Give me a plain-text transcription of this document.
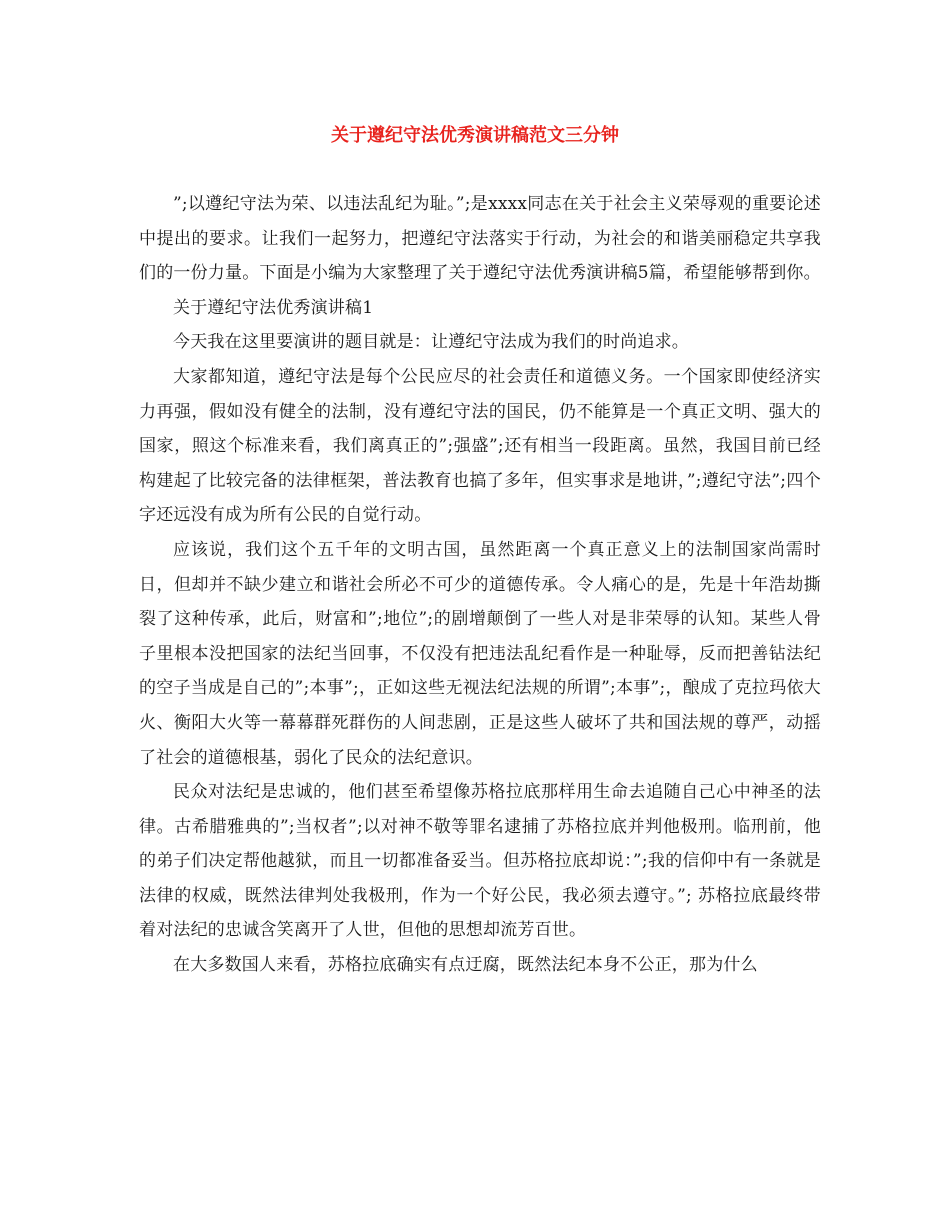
关于遵纪守法优秀演讲稿范文三分钟

”;以遵纪守法为荣、以违法乱纪为耻。”;是xxxx同志在关于社会主义荣辱观的重要论述中提出的要求。让我们一起努力，把遵纪守法落实于行动，为社会的和谐美丽稳定共享我们的一份力量。下面是小编为大家整理了关于遵纪守法优秀演讲稿5篇，希望能够帮到你。

关于遵纪守法优秀演讲稿1

今天我在这里要演讲的题目就是：让遵纪守法成为我们的时尚追求。

大家都知道，遵纪守法是每个公民应尽的社会责任和道德义务。一个国家即使经济实力再强，假如没有健全的法制，没有遵纪守法的国民，仍不能算是一个真正文明、强大的国家，照这个标准来看，我们离真正的”;强盛”;还有相当一段距离。虽然，我国目前已经构建起了比较完备的法律框架，普法教育也搞了多年，但实事求是地讲，”;遵纪守法”;四个字还远没有成为所有公民的自觉行动。

应该说，我们这个五千年的文明古国，虽然距离一个真正意义上的法制国家尚需时日，但却并不缺少建立和谐社会所必不可少的道德传承。令人痛心的是，先是十年浩劫撕裂了这种传承，此后，财富和”;地位”;的剧增颠倒了一些人对是非荣辱的认知。某些人骨子里根本没把国家的法纪当回事，不仅没有把违法乱纪看作是一种耻辱，反而把善钻法纪的空子当成是自己的”;本事”;，正如这些无视法纪法规的所谓”;本事”;，酿成了克拉玛依大火、衡阳大火等一幕幕群死群伤的人间悲剧，正是这些人破坏了共和国法规的尊严，动摇了社会的道德根基，弱化了民众的法纪意识。

民众对法纪是忠诚的，他们甚至希望像苏格拉底那样用生命去追随自己心中神圣的法律。古希腊雅典的”;当权者”;以对神不敬等罪名逮捕了苏格拉底并判他极刑。临刑前，他的弟子们决定帮他越狱，而且一切都准备妥当。但苏格拉底却说：”;我的信仰中有一条就是法律的权威，既然法律判处我极刑，作为一个好公民，我必须去遵守。”; 苏格拉底最终带着对法纪的忠诚含笑离开了人世，但他的思想却流芳百世。

在大多数国人来看，苏格拉底确实有点迂腐，既然法纪本身不公正，那为什么
